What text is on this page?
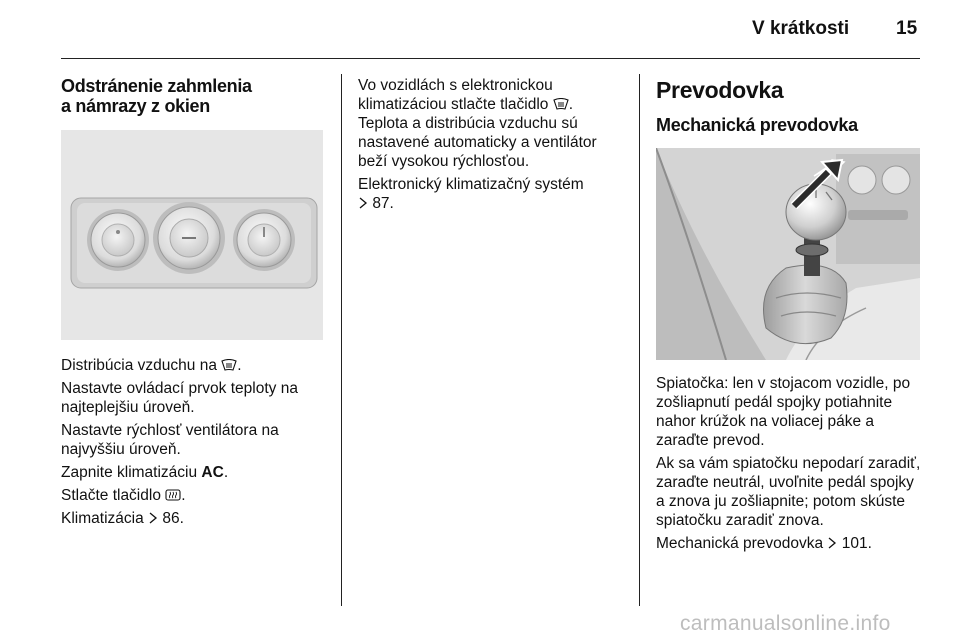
V krátkosti 15
Odstránenie zahmlenia
a námrazy z okien

Distribúcia vzduchu na .

Nastavte ovládací prvok teploty na najteplejšiu úroveň.

Nastavte rýchlosť ventilátora na najvyššiu úroveň.

Zapnite klimatizáciu AC.

Stlačte tlačidlo .

Klimatizácia 86.

Vo vozidlách s elektronickou klimatizáciou stlačte tlačidlo . Teplota a distribúcia vzduchu sú nastavené automaticky a ventilátor beží vysokou rýchlosťou.

Elektronický klimatizačný systém
87.

Prevodovka
Mechanická prevodovka

Spiatočka: len v stojacom vozidle, po zošliapnutí pedál spojky potiahnite nahor krúžok na voliacej páke a zaraďte prevod.

Ak sa vám spiatočku nepodarí zaradiť, zaraďte neutrál, uvoľnite pedál spojky a znova ju zošliapnite; potom skúste spiatočku zaradiť znova.

Mechanická prevodovka 101.

carmanualsonline.info
